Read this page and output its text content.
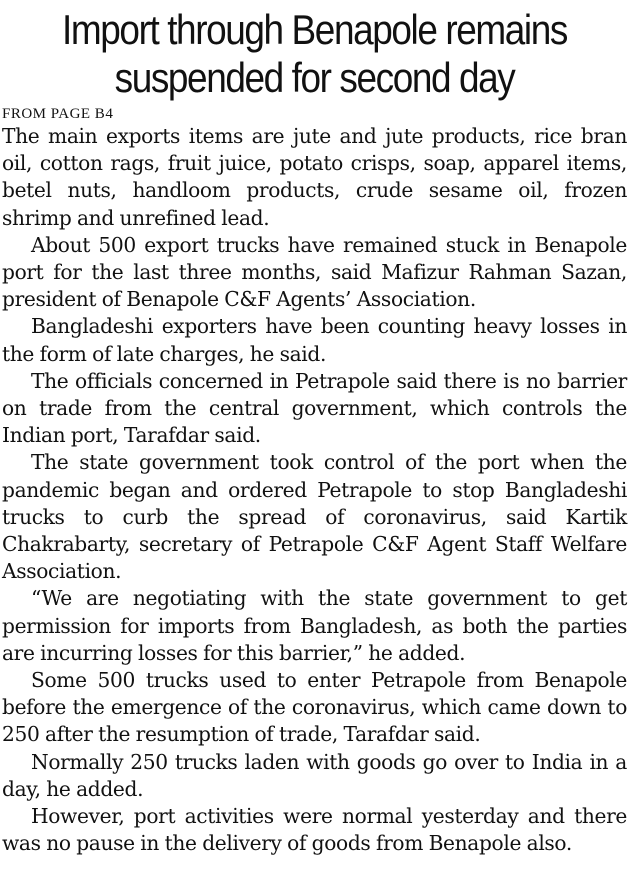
Import through Benapole remains
suspended for second day
FROM PAGE B4

The main exports items are jute and jute products, rice bran oil, cotton rags, fruit juice, potato crisps, soap, apparel items, betel nuts, handloom products, crude sesame oil, frozen shrimp and unrefined lead.

About 500 export trucks have remained stuck in Benapole port for the last three months, said Mafizur Rahman Sazan, president of Benapole C&F Agents’ Association.

Bangladeshi exporters have been counting heavy losses in the form of late charges, he said.

The officials concerned in Petrapole said there is no barrier on trade from the central government, which controls the Indian port, Tarafdar said.

The state government took control of the port when the pandemic began and ordered Petrapole to stop Bangladeshi trucks to curb the spread of coronavirus, said Kartik Chakrabarty, secretary of Petrapole C&F Agent Staff Welfare Association.

“We are negotiating with the state government to get permission for imports from Bangladesh, as both the parties are incurring losses for this barrier,” he added.

Some 500 trucks used to enter Petrapole from Benapole before the emergence of the coronavirus, which came down to 250 after the resumption of trade, Tarafdar said.

Normally 250 trucks laden with goods go over to India in a day, he added.

However, port activities were normal yesterday and there was no pause in the delivery of goods from Benapole also.
